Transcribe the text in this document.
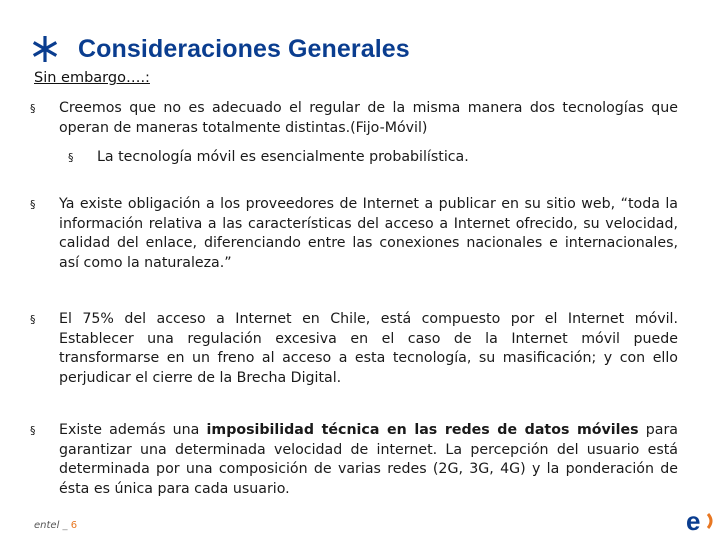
Consideraciones Generales
Sin embargo….:
§ Creemos que no es adecuado el regular de la misma manera dos tecnologías que operan de maneras totalmente distintas.(Fijo-Móvil)
§ La tecnología móvil es esencialmente probabilística.
§ Ya existe obligación a los proveedores de Internet a publicar en su sitio web, “toda la información relativa a las características del acceso a Internet ofrecido, su velocidad, calidad del enlace, diferenciando entre las conexiones nacionales e internacionales, así como la naturaleza.”
§ El 75% del acceso a Internet en Chile, está compuesto por el Internet móvil. Establecer una regulación excesiva en el caso de la Internet móvil puede transformarse en un freno al acceso a esta tecnología, su masificación; y con ello perjudicar el cierre de la Brecha Digital.
§ Existe además una imposibilidad técnica en las redes de datos móviles para garantizar una determinada velocidad de internet. La percepción del usuario está determinada por una composición de varias redes (2G, 3G, 4G) y la ponderación de ésta es única para cada usuario.
entel _ 6	e
